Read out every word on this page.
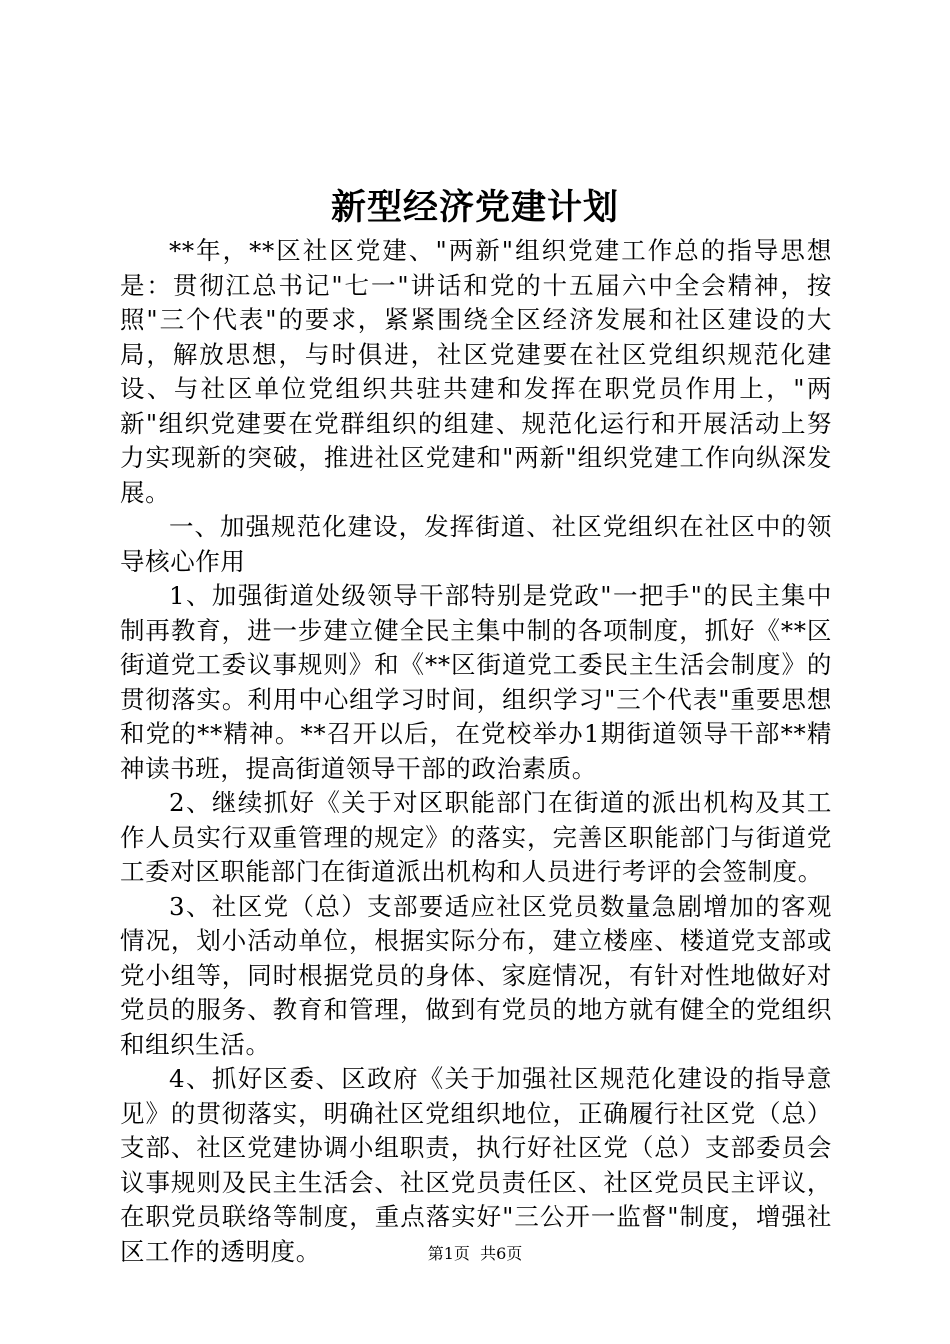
新型经济党建计划

**年，**区社区党建、"两新"组织党建工作总的指导思想是：贯彻江总书记"七一"讲话和党的十五届六中全会精神，按照"三个代表"的要求，紧紧围绕全区经济发展和社区建设的大局，解放思想，与时俱进，社区党建要在社区党组织规范化建设、与社区单位党组织共驻共建和发挥在职党员作用上，"两新"组织党建要在党群组织的组建、规范化运行和开展活动上努力实现新的突破，推进社区党建和"两新"组织党建工作向纵深发展。

一、加强规范化建设，发挥街道、社区党组织在社区中的领导核心作用

1、加强街道处级领导干部特别是党政"一把手"的民主集中制再教育，进一步建立健全民主集中制的各项制度，抓好《**区街道党工委议事规则》和《**区街道党工委民主生活会制度》的贯彻落实。利用中心组学习时间，组织学习"三个代表"重要思想和党的**精神。**召开以后，在党校举办1期街道领导干部**精神读书班，提高街道领导干部的政治素质。

2、继续抓好《关于对区职能部门在街道的派出机构及其工作人员实行双重管理的规定》的落实，完善区职能部门与街道党工委对区职能部门在街道派出机构和人员进行考评的会签制度。

3、社区党（总）支部要适应社区党员数量急剧增加的客观情况，划小活动单位，根据实际分布，建立楼座、楼道党支部或党小组等，同时根据党员的身体、家庭情况，有针对性地做好对党员的服务、教育和管理，做到有党员的地方就有健全的党组织和组织生活。

4、抓好区委、区政府《关于加强社区规范化建设的指导意见》的贯彻落实，明确社区党组织地位，正确履行社区党（总）支部、社区党建协调小组职责，执行好社区党（总）支部委员会议事规则及民主生活会、社区党员责任区、社区党员民主评议，在职党员联络等制度，重点落实好"三公开一监督"制度，增强社区工作的透明度。	第1页 共6页
